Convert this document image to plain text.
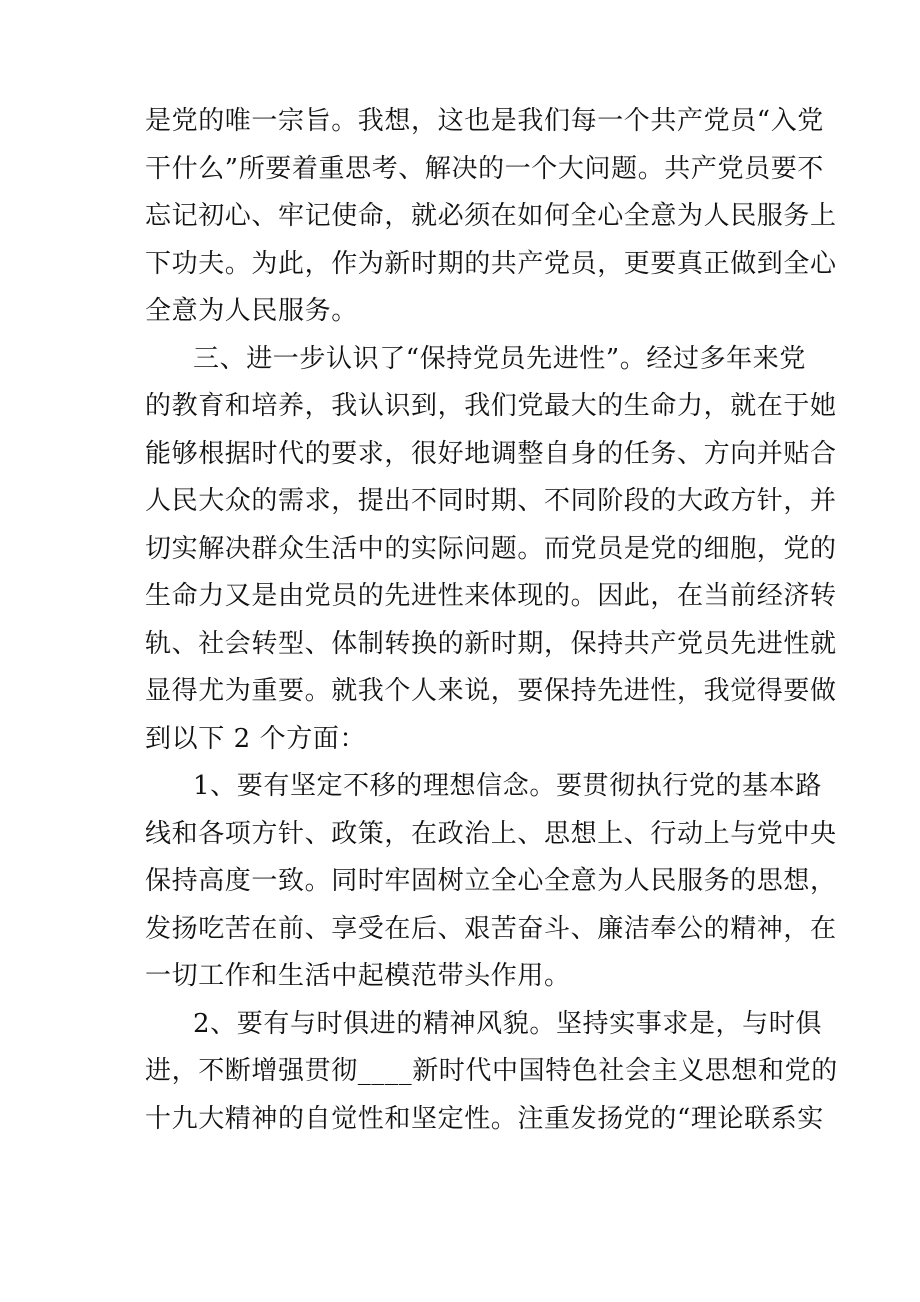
是党的唯一宗旨。我想，这也是我们每一个共产党员“入党
干什么”所要着重思考、解决的一个大问题。共产党员要不
忘记初心、牢记使命，就必须在如何全心全意为人民服务上
下功夫。为此，作为新时期的共产党员，更要真正做到全心
全意为人民服务。
三、进一步认识了“保持党员先进性”。经过多年来党
的教育和培养，我认识到，我们党最大的生命力，就在于她
能够根据时代的要求，很好地调整自身的任务、方向并贴合
人民大众的需求，提出不同时期、不同阶段的大政方针，并
切实解决群众生活中的实际问题。而党员是党的细胞，党的
生命力又是由党员的先进性来体现的。因此，在当前经济转
轨、社会转型、体制转换的新时期，保持共产党员先进性就
显得尤为重要。就我个人来说，要保持先进性，我觉得要做
到以下 2 个方面：
1、要有坚定不移的理想信念。要贯彻执行党的基本路
线和各项方针、政策，在政治上、思想上、行动上与党中央
保持高度一致。同时牢固树立全心全意为人民服务的思想，
发扬吃苦在前、享受在后、艰苦奋斗、廉洁奉公的精神，在
一切工作和生活中起模范带头作用。
2、要有与时俱进的精神风貌。坚持实事求是，与时俱
进，不断增强贯彻____新时代中国特色社会主义思想和党的
十九大精神的自觉性和坚定性。注重发扬党的“理论联系实
